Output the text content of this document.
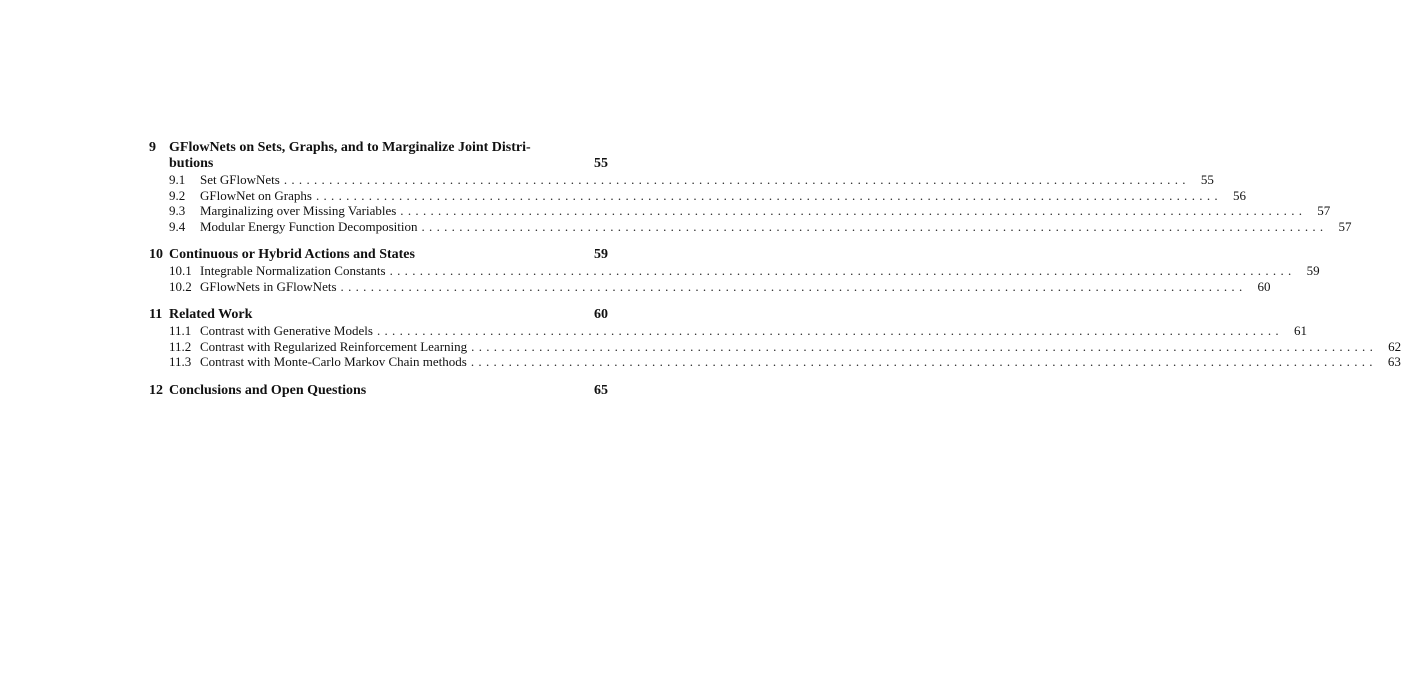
9 GFlowNets on Sets, Graphs, and to Marginalize Joint Distri- butions	55
9.1	Set GFlowNets ........................................................................................................................ 55
9.2	GFlowNet on Graphs ........................................................................................................................ 56
9.3	Marginalizing over Missing Variables ........................................................................................................................ 57
9.4	Modular Energy Function Decomposition ........................................................................................................................ 57
10 Continuous or Hybrid Actions and States	59
10.1 Integrable Normalization Constants ........................................................................................................................ 59
10.2 GFlowNets in GFlowNets ........................................................................................................................ 60
11 Related Work	60
11.1 Contrast with Generative Models ........................................................................................................................ 61
11.2 Contrast with Regularized Reinforcement Learning ........................................................................................................................ 62
11.3 Contrast with Monte-Carlo Markov Chain methods ........................................................................................................................ 63
12 Conclusions and Open Questions	65
